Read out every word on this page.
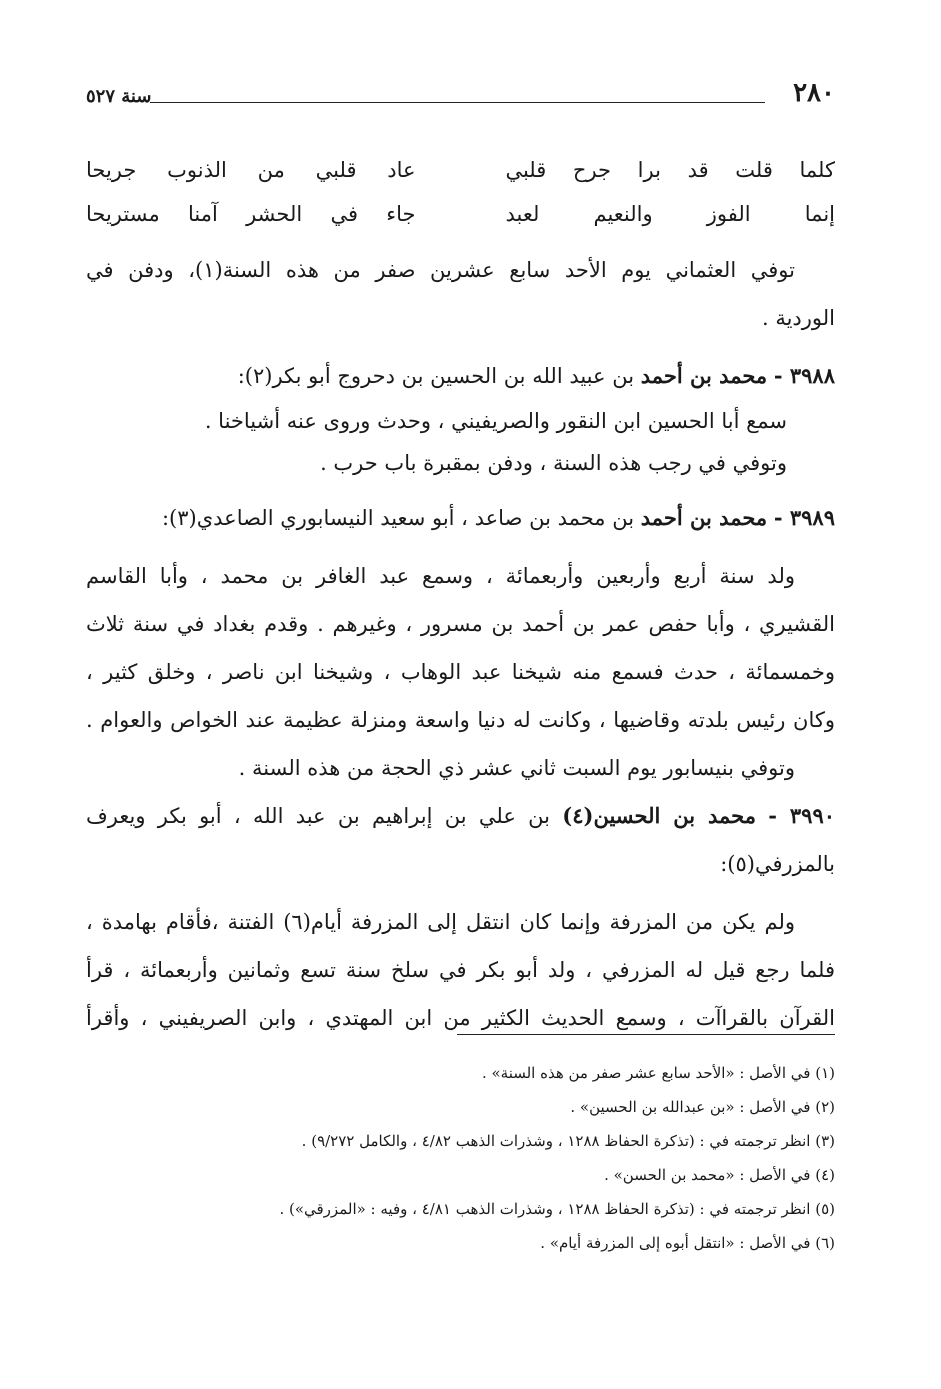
٢٨٠
سنة ٥٢٧
كلما قلت قد برا جرح قلبي
عاد قلبي من الذنوب جريحا
إنما الفوز والنعيم لعبد
جاء في الحشر آمنا مستريحا
توفي العثماني يوم الأحد سابع عشرين صفر من هذه السنة(١)، ودفن في
الوردية .
٣٩٨٨ - محمد بن أحمد بن عبيد الله بن الحسين بن دحروج أبو بكر(٢):
سمع أبا الحسين ابن النقور والصريفيني ، وحدث وروى عنه أشياخنا .
وتوفي في رجب هذه السنة ، ودفن بمقبرة باب حرب .
٣٩٨٩ - محمد بن أحمد بن محمد بن صاعد ، أبو سعيد النيسابوري الصاعدي(٣):
ولد سنة أربع وأربعين وأربعمائة ، وسمع عبد الغافر بن محمد ، وأبا القاسم
القشيري ، وأبا حفص عمر بن أحمد بن مسرور ، وغيرهم . وقدم بغداد في سنة ثلاث
وخمسمائة ، حدث فسمع منه شيخنا عبد الوهاب ، وشيخنا ابن ناصر ، وخلق كثير ،
وكان رئيس بلدته وقاضيها ، وكانت له دنيا واسعة ومنزلة عظيمة عند الخواص والعوام .
وتوفي بنيسابور يوم السبت ثاني عشر ذي الحجة من هذه السنة .
٣٩٩٠ - محمد بن الحسين(٤) بن علي بن إبراهيم بن عبد الله ، أبو بكر ويعرف
بالمزرفي(٥):
ولم يكن من المزرفة وإنما كان انتقل إلى المزرفة أيام(٦) الفتنة ،فأقام بهامدة ،
فلما رجع قيل له المزرفي ، ولد أبو بكر في سلخ سنة تسع وثمانين وأربعمائة ، قرأ
القرآن بالقراآت ، وسمع الحديث الكثير من ابن المهتدي ، وابن الصريفيني ، وأقرأ
(١) في الأصل : «الأحد سابع عشر صفر من هذه السنة» .
(٢) في الأصل : «بن عبدالله بن الحسين» .
(٣) انظر ترجمته في : (تذكرة الحفاظ ١٢٨٨ ، وشذرات الذهب ٤/٨٢ ، والكامل ٩/٢٧٢) .
(٤) في الأصل : «محمد بن الحسن» .
(٥) انظر ترجمته في : (تذكرة الحفاظ ١٢٨٨ ، وشذرات الذهب ٤/٨١ ، وفيه : «المزرقي») .
(٦) في الأصل : «انتقل أبوه إلى المزرفة أيام» .
